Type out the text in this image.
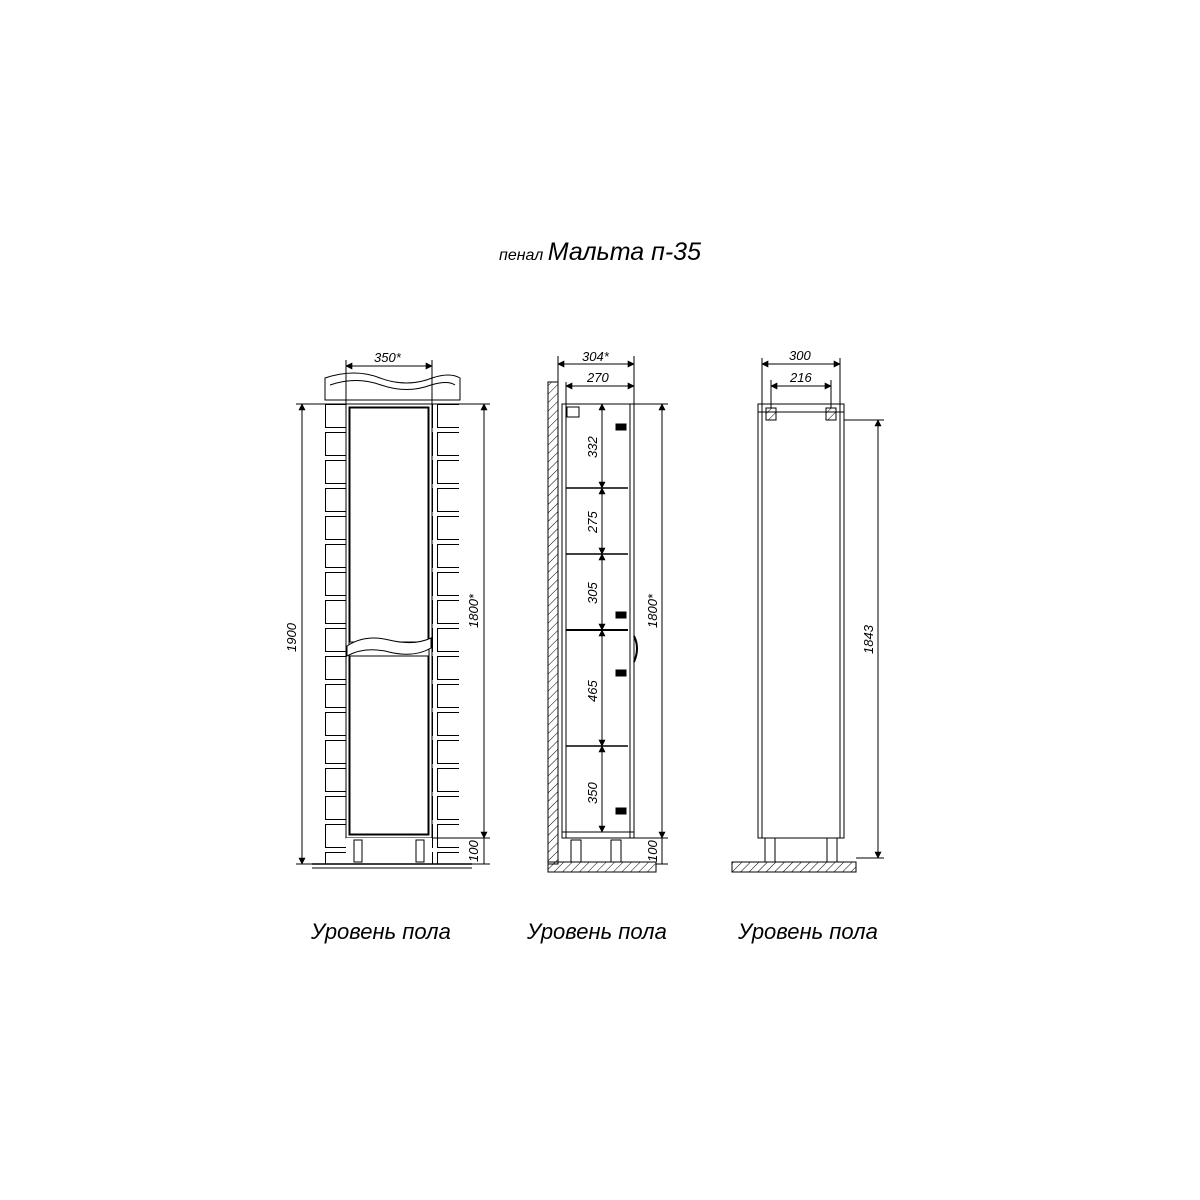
пенал Мальта п-35
350*
1900
1800*
100
Уровень пола
304*
270
332
275
305
465
350
1800*
100
Уровень пола
300
216
1843
Уровень пола
